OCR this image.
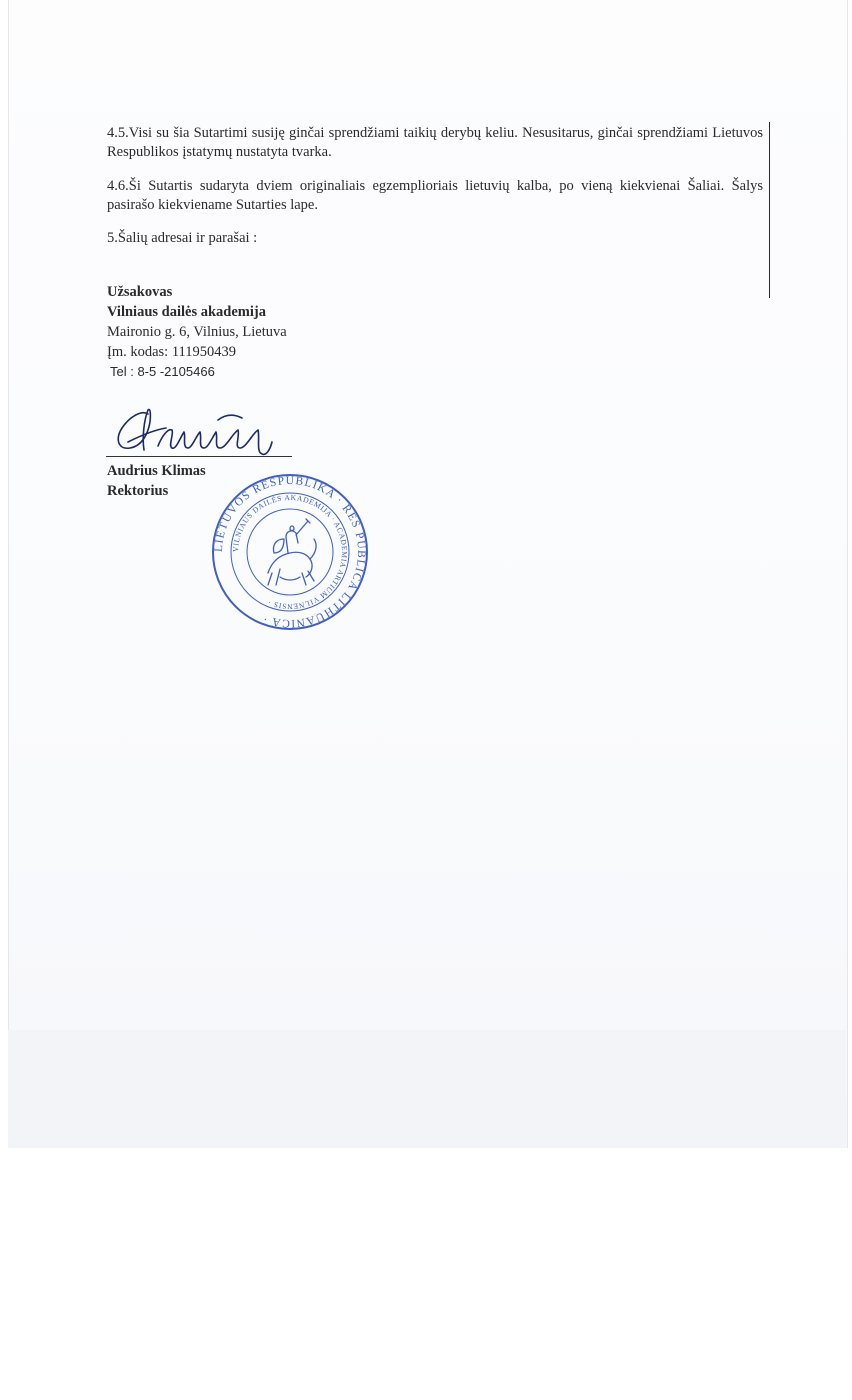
4.5.Visi su šia Sutartimi susiję ginčai sprendžiami taikių derybų keliu. Nesusitarus, ginčai sprendžiami Lietuvos Respublikos įstatymų nustatyta tvarka.

4.6.Ši Sutartis sudaryta dviem originaliais egzemplioriais lietuvių kalba, po vieną kiekvienai Šaliai. Šalys pasirašo kiekviename Sutarties lape.

5.Šalių adresai ir parašai :

Užsakovas
Vilniaus dailės akademija
Maironio g. 6, Vilnius, Lietuva
Įm. kodas: 111950439
Tel : 8-5 -2105466
Audrius Klimas
Rektorius
LIETUVOS RESPUBLIKA · RES PUBLICA LITHUANICA ·
VILNIAUS DAILĖS AKADEMIJA · ACADEMIA ARTIUM VILNENSIS ·
